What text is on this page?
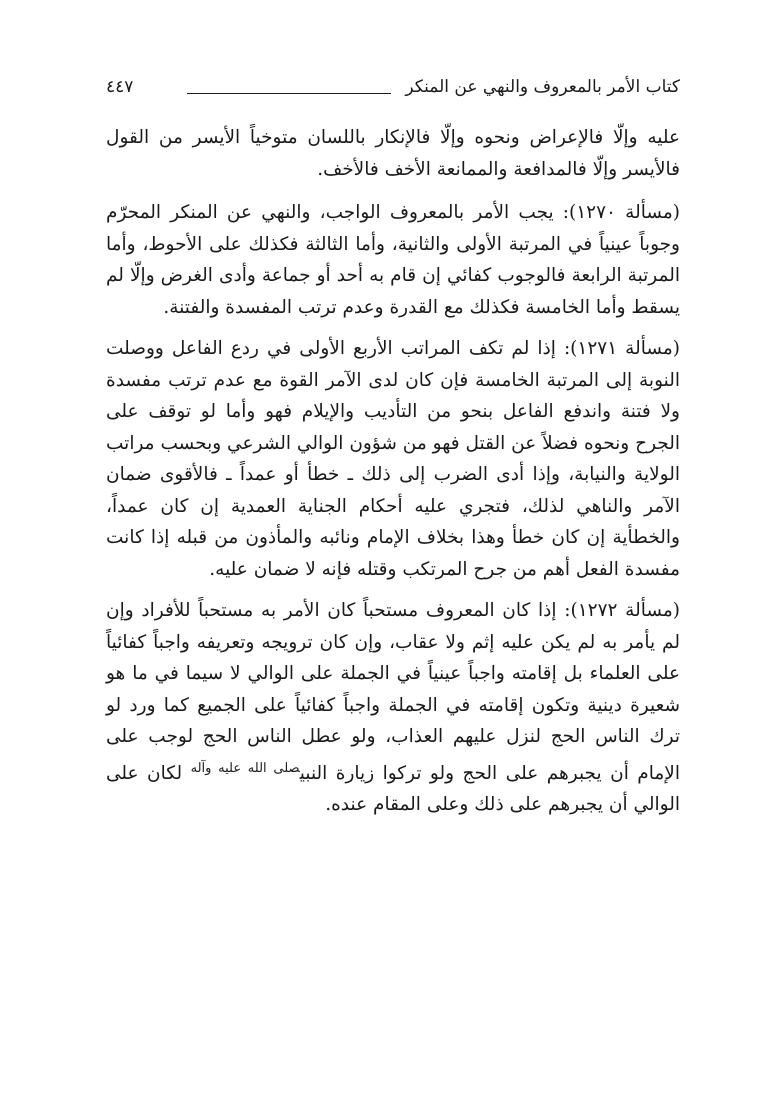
كتاب الأمر بالمعروف والنهي عن المنكر
٤٤٧

عليه وإلّا فالإعراض ونحوه وإلّا فالإنكار باللسان متوخياً الأيسر من القول فالأيسر وإلّا فالمدافعة والممانعة الأخف فالأخف.

(مسألة ١٢٧٠): يجب الأمر بالمعروف الواجب، والنهي عن المنكر المحرّم وجوباً عينياً في المرتبة الأولى والثانية، وأما الثالثة فكذلك على الأحوط، وأما المرتبة الرابعة فالوجوب كفائي إن قام به أحد أو جماعة وأدى الغرض وإلّا لم يسقط وأما الخامسة فكذلك مع القدرة وعدم ترتب المفسدة والفتنة.

(مسألة ١٢٧١): إذا لم تكف المراتب الأربع الأولى في ردع الفاعل ووصلت النوبة إلى المرتبة الخامسة فإن كان لدى الآمر القوة مع عدم ترتب مفسدة ولا فتنة واندفع الفاعل بنحو من التأديب والإيلام فهو وأما لو توقف على الجرح ونحوه فضلاً عن القتل فهو من شؤون الوالي الشرعي وبحسب مراتب الولاية والنيابة، وإذا أدى الضرب إلى ذلك ـ خطأ أو عمداً ـ فالأقوى ضمان الآمر والناهي لذلك، فتجري عليه أحكام الجناية العمدية إن كان عمداً، والخطأية إن كان خطأ وهذا بخلاف الإمام ونائبه والمأذون من قبله إذا كانت مفسدة الفعل أهم من جرح المرتكب وقتله فإنه لا ضمان عليه.

(مسألة ١٢٧٢): إذا كان المعروف مستحباً كان الأمر به مستحباً للأفراد وإن لم يأمر به لم يكن عليه إثم ولا عقاب، وإن كان ترويجه وتعريفه واجباً كفائياً على العلماء بل إقامته واجباً عينياً في الجملة على الوالي لا سيما في ما هو شعيرة دينية وتكون إقامته في الجملة واجباً كفائياً على الجميع كما ورد لو ترك الناس الحج لنزل عليهم العذاب، ولو عطل الناس الحج لوجب على الإمام أن يجبرهم على الحج ولو تركوا زيارة النبي$^{صلى الله عليه وآله}$ لكان على الوالي أن يجبرهم على ذلك وعلى المقام عنده.
